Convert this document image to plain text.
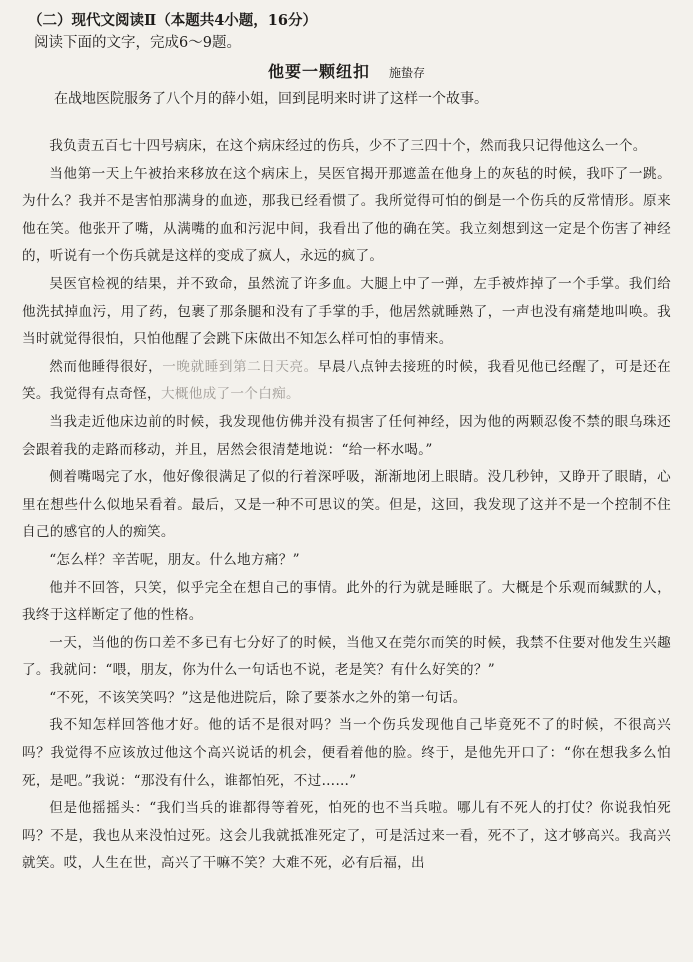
（二）现代文阅读Ⅱ（本题共4小题，16分）
阅读下面的文字，完成6～9题。
他要一颗纽扣 施蛰存
在战地医院服务了八个月的薛小姐，回到昆明来时讲了这样一个故事。

我负责五百七十四号病床，在这个病床经过的伤兵，少不了三四十个，然而我只记得他这么一个。

当他第一天上午被抬来移放在这个病床上，吴医官揭开那遮盖在他身上的灰毡的时候，我吓了一跳。为什么？我并不是害怕那满身的血迹，那我已经看惯了。我所觉得可怕的倒是一个伤兵的反常情形。原来他在笑。他张开了嘴，从满嘴的血和污泥中间，我看出了他的确在笑。我立刻想到这一定是个伤害了神经的，听说有一个伤兵就是这样的变成了疯人，永远的疯了。

吴医官检视的结果，并不致命，虽然流了许多血。大腿上中了一弹，左手被炸掉了一个手掌。我们给他洗拭掉血污，用了药，包裹了那条腿和没有了手掌的手，他居然就睡熟了，一声也没有痛楚地叫唤。我当时就觉得很怕，只怕他醒了会跳下床做出不知怎么样可怕的事情来。

然而他睡得很好，一晚就睡到第二日天亮。早晨八点钟去接班的时候，我看见他已经醒了，可是还在笑。我觉得有点奇怪，大概他成了一个白痴。

当我走近他床边前的时候，我发现他仿佛并没有损害了任何神经，因为他的两颗忍俊不禁的眼乌珠还会跟着我的走路而移动，并且，居然会很清楚地说：“给一杯水喝。”

侧着嘴喝完了水，他好像很满足了似的行着深呼吸，渐渐地闭上眼睛。没几秒钟，又睁开了眼睛，心里在想些什么似地呆看着。最后，又是一种不可思议的笑。但是，这回，我发现了这并不是一个控制不住自己的感官的人的痴笑。

“怎么样？辛苦呢，朋友。什么地方痛？”

他并不回答，只笑，似乎完全在想自己的事情。此外的行为就是睡眠了。大概是个乐观而缄默的人，我终于这样断定了他的性格。

一天，当他的伤口差不多已有七分好了的时候，当他又在莞尔而笑的时候，我禁不住要对他发生兴趣了。我就问：“喂，朋友，你为什么一句话也不说，老是笑？有什么好笑的？”

“不死，不该笑笑吗？”这是他进院后，除了要茶水之外的第一句话。

我不知怎样回答他才好。他的话不是很对吗？当一个伤兵发现他自己毕竟死不了的时候，不很高兴吗？我觉得不应该放过他这个高兴说话的机会，便看着他的脸。终于，是他先开口了：“你在想我多么怕死，是吧。”我说：“那没有什么，谁都怕死，不过……”

但是他摇摇头：“我们当兵的谁都得等着死，怕死的也不当兵啦。哪儿有不死人的打仗？你说我怕死吗？不是，我也从来没怕过死。这会儿我就抵准死定了，可是活过来一看，死不了，这才够高兴。我高兴就笑。哎，人生在世，高兴了干嘛不笑？大难不死，必有后福，出
